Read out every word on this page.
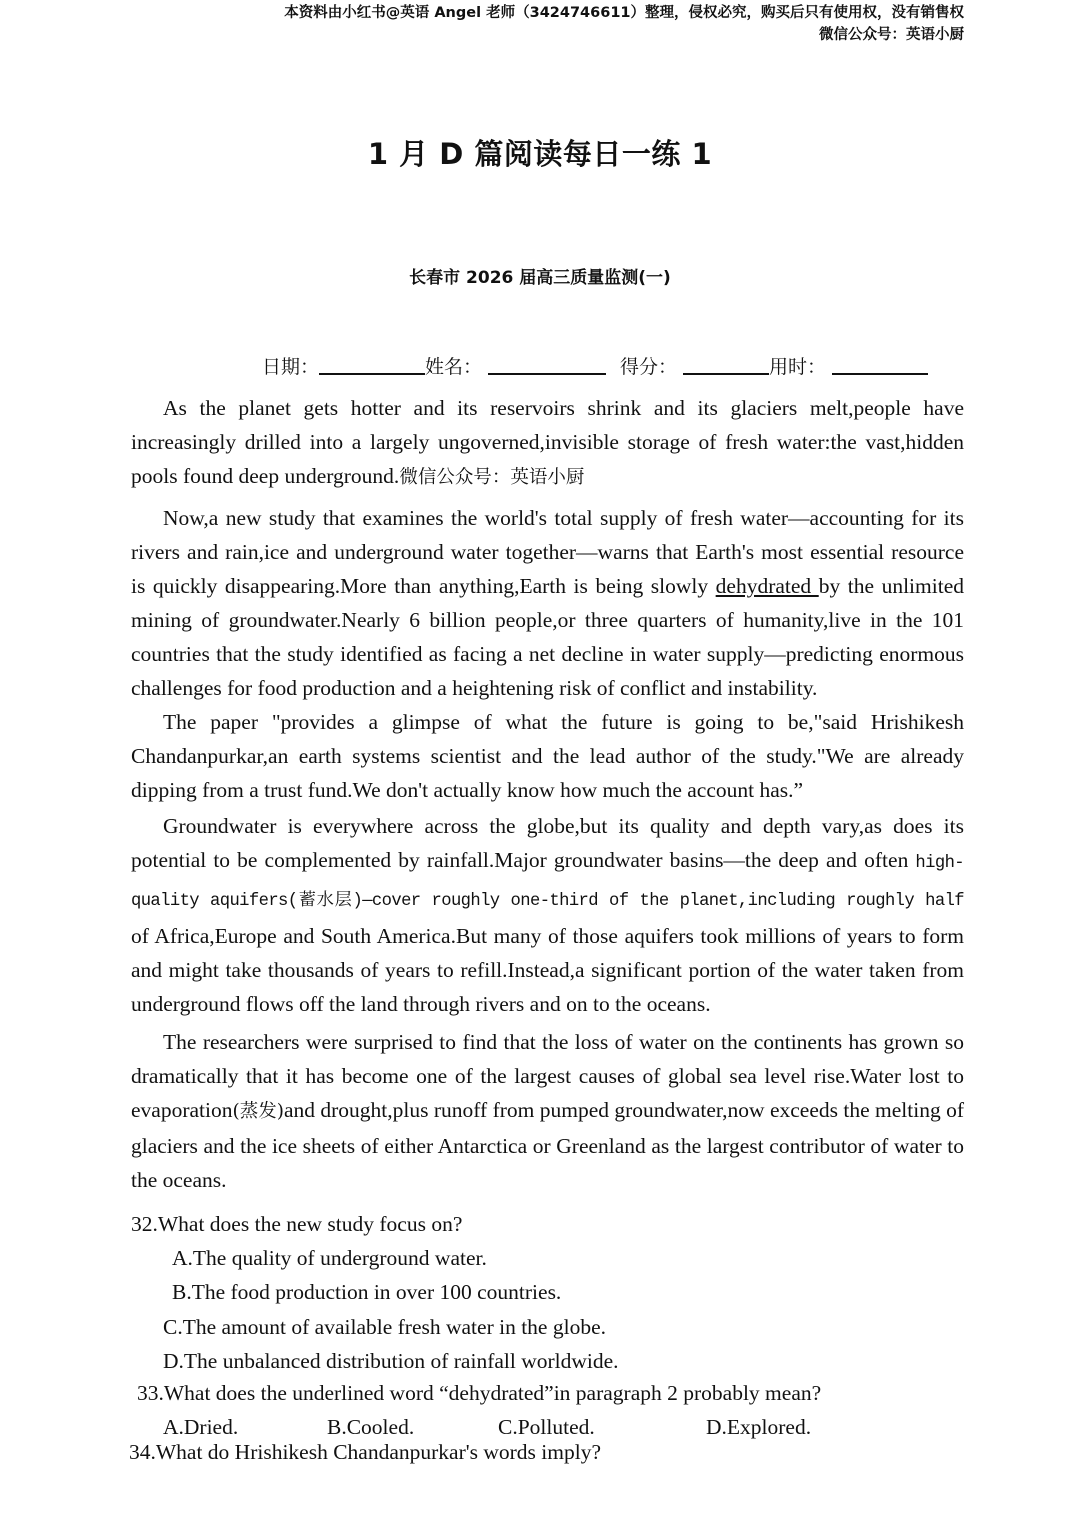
本资料由小红书@英语 Angel 老师（3424746611）整理，侵权必究，购买后只有使用权，没有销售权
微信公众号：英语小厨
1 月 D 篇阅读每日一练 1
长春市 2026 届高三质量监测(一)
日期：	姓名：	得分：	用时：

As the planet gets hotter and its reservoirs shrink and its glaciers melt,people have increasingly drilled into a largely ungoverned,invisible storage of fresh water:the vast,hidden pools found deep underground.微信公众号：英语小厨

Now,a new study that examines the world's total supply of fresh water—accounting for its rivers and rain,ice and underground water together—warns that Earth's most essential resource is quickly disappearing.More than anything,Earth is being slowly dehydrated by the unlimited mining of groundwater.Nearly 6 billion people,or three quarters of humanity,live in the 101 countries that the study identified as facing a net decline in water supply—predicting enormous challenges for food production and a heightening risk of conflict and instability.

The paper "provides a glimpse of what the future is going to be,"said Hrishikesh Chandanpurkar,an earth systems scientist and the lead author of the study."We are already dipping from a trust fund.We don't actually know how much the account has.”

Groundwater is everywhere across the globe,but its quality and depth vary,as does its potential to be complemented by rainfall.Major groundwater basins—the deep and often high-quality aquifers(蓄水层)—cover roughly one-third of the planet,including roughly half of Africa,Europe and South America.But many of those aquifers took millions of years to form and might take thousands of years to refill.Instead,a significant portion of the water taken from underground flows off the land through rivers and on to the oceans.

The researchers were surprised to find that the loss of water on the continents has grown so dramatically that it has become one of the largest causes of global sea level rise.Water lost to evaporation(蒸发)and drought,plus runoff from pumped groundwater,now exceeds the melting of glaciers and the ice sheets of either Antarctica or Greenland as the largest contributor of water to the oceans.

32.What does the new study focus on?
A.The quality of underground water.
B.The food production in over 100 countries.
C.The amount of available fresh water in the globe.
D.The unbalanced distribution of rainfall worldwide.
33.What does the underlined word “dehydrated”in paragraph 2 probably mean?
A.Dried.	B.Cooled.	C.Polluted.	D.Explored.
34.What do Hrishikesh Chandanpurkar's words imply?
